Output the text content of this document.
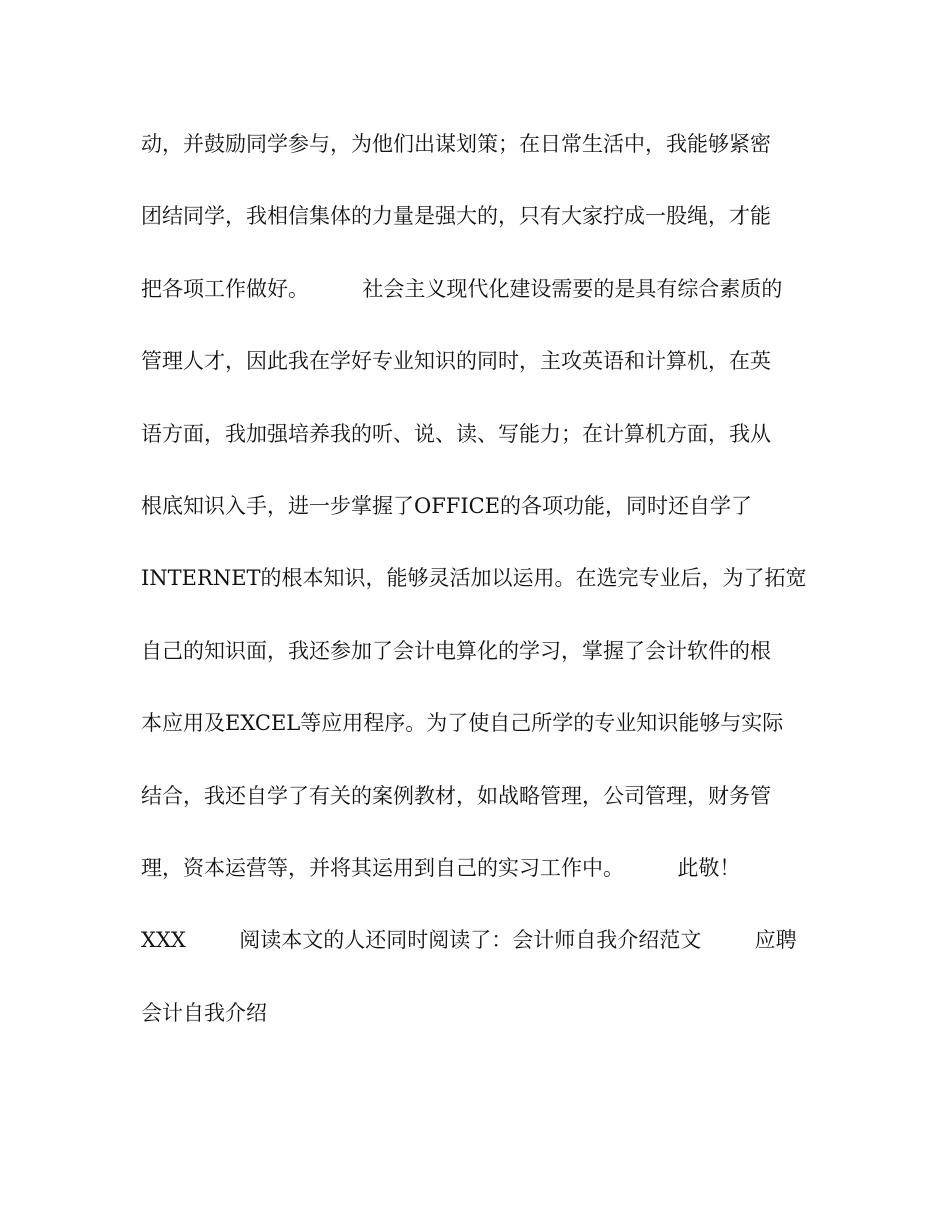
动，并鼓励同学参与，为他们出谋划策；在日常生活中，我能够紧密
团结同学，我相信集体的力量是强大的，只有大家拧成一股绳，才能
把各项工作做好。        社会主义现代化建设需要的是具有综合素质的
管理人才，因此我在学好专业知识的同时，主攻英语和计算机，在英
语方面，我加强培养我的听、说、读、写能力；在计算机方面，我从
根底知识入手，进一步掌握了OFFICE的各项功能，同时还自学了
INTERNET的根本知识，能够灵活加以运用。在选完专业后，为了拓宽
自己的知识面，我还参加了会计电算化的学习，掌握了会计软件的根
本应用及EXCEL等应用程序。为了使自己所学的专业知识能够与实际
结合，我还自学了有关的案例教材，如战略管理，公司管理，财务管
理，资本运营等，并将其运用到自己的实习工作中。        此敬！
XXX        阅读本文的人还同时阅读了：会计师自我介绍范文        应聘
会计自我介绍
